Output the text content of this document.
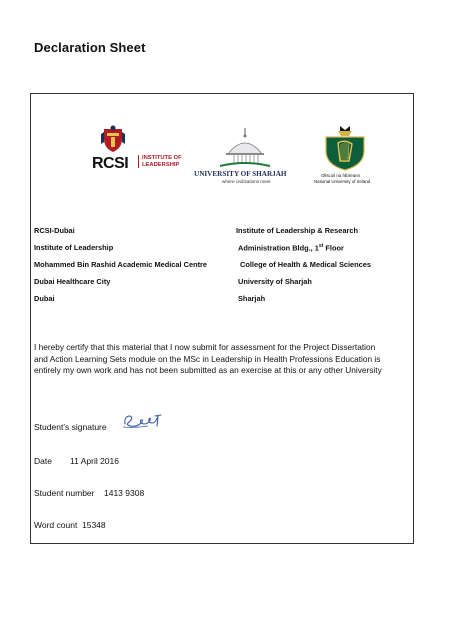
Declaration Sheet
RCSI INSTITUTE OF
LEADERSHIP
UNIVERSITY OF SHARJAH
where civilizations meet
Ollscoil na hÉireann
National University of Ireland
RCSI-Dubai
Institute of Leadership
Mohammed Bin Rashid Academic Medical Centre
Dubai Healthcare City
Dubai
Institute of Leadership & Research
Administration Bldg., 1st Floor
College of Health & Medical Sciences
University of Sharjah
Sharjah
I hereby certify that this material that I now submit for assessment for the Project Dissertation
and Action Learning Sets module on the MSc in Leadership in Health Professions Education is
entirely my own work and has not been submitted as an exercise at this or any other University
Student’s signature
Date 11 April 2016
Student number 1413 9308
Word count 15348
